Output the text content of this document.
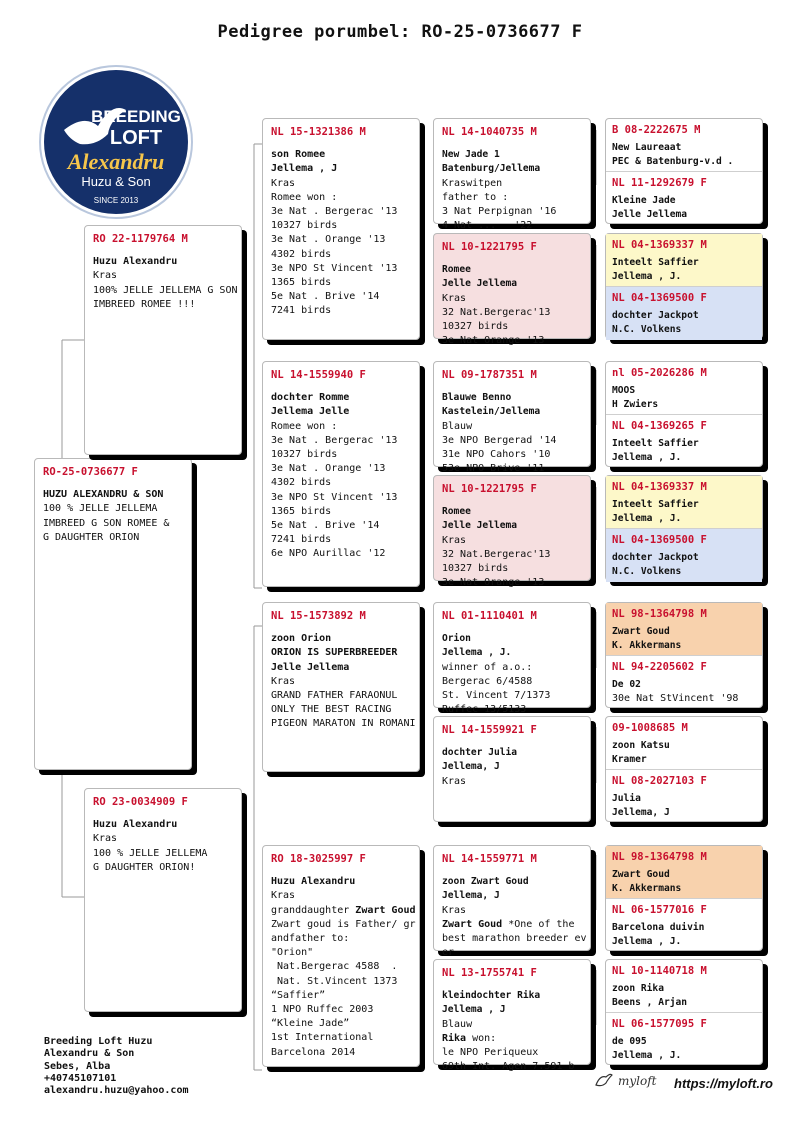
Pedigree porumbel: RO-25-0736677 F
BREEDING
LOFT
Alexandru
Huzu & Son
SINCE 2013
RO-25-0736677 F
HUZU ALEXANDRU & SON
100 % JELLE JELLEMA
IMBREED G SON ROMEE &
G DAUGHTER ORION
RO 22-1179764 M
Huzu Alexandru
Kras
100% JELLE JELLEMA G SON
IMBREED ROMEE !!!
RO 23-0034909 F
Huzu Alexandru
Kras
100 % JELLE JELLEMA
G DAUGHTER ORION!
NL 15-1321386 M
son Romee
Jellema , J
Kras
Romee won :
3e Nat . Bergerac '13
10327 birds
3e Nat . Orange '13
4302 birds
3e NPO St Vincent '13
1365 birds
5e Nat . Brive '14
7241 birds
NL 14-1559940 F
dochter Romme
Jellema Jelle
Romee won :
3e Nat . Bergerac '13
10327 birds
3e Nat . Orange '13
4302 birds
3e NPO St Vincent '13
1365 birds
5e Nat . Brive '14
7241 birds
6e NPO Aurillac '12
NL 15-1573892 M
zoon Orion
ORION IS SUPERBREEDER
Jelle Jellema
Kras
GRAND FATHER FARAONUL
ONLY THE BEST RACING
PIGEON MARATON IN ROMANI
RO 18-3025997 F
Huzu Alexandru
Kras
granddaughter Zwart Goud
Zwart goud is Father/ gr
andfather to:
"Orion"
Nat.Bergerac 4588  .
Nat. St.Vincent 1373
“Saffier”
1 NPO Ruffec 2003
“Kleine Jade”
1st International
Barcelona 2014
NL 14-1040735 M
New Jade 1
Batenburg/Jellema
Kraswitpen
father to :
3 Nat Perpignan '16
4 Nat ...   '22
NL 10-1221795 F
Romee
Jelle Jellema
Kras
32 Nat.Bergerac'13
10327 birds
3e Nat Orange '13
NL 09-1787351 M
Blauwe Benno
Kastelein/Jellema
Blauw
3e NPO Bergerad '14
31e NPO Cahors '10
53e NPO Brive '11
NL 10-1221795 F
Romee
Jelle Jellema
Kras
32 Nat.Bergerac'13
10327 birds
3e Nat Orange '13
NL 01-1110401 M
Orion
Jellema , J.
winner of a.o.:
Bergerac 6/4588
St. Vincent 7/1373
Ruffec 13/5133
NL 14-1559921 F
dochter Julia
Jellema, J
Kras
NL 14-1559771 M
zoon Zwart Goud
Jellema, J
Kras
Zwart Goud *One of the
best marathon breeder ev
er
NL 13-1755741 F
kleindochter Rika
Jellema , J
Blauw
Rika won:
le NPO Periqueux
69th Int. Agen 7.591 b
B 08-2222675 M
New Laureaat
PEC & Batenburg-v.d .
NL 11-1292679 F
Kleine Jade
Jelle Jellema
NL 04-1369337 M
Inteelt Saffier
Jellema , J.
NL 04-1369500 F
dochter Jackpot
N.C. Volkens
nl 05-2026286 M
MOOS
H Zwiers
NL 04-1369265 F
Inteelt Saffier
Jellema , J.
NL 04-1369337 M
Inteelt Saffier
Jellema , J.
NL 04-1369500 F
dochter Jackpot
N.C. Volkens
NL 98-1364798 M
Zwart Goud
K. Akkermans
NL 94-2205602 F
De 02
30e Nat StVincent '98
09-1008685 M
zoon Katsu
Kramer
NL 08-2027103 F
Julia
Jellema, J
NL 98-1364798 M
Zwart Goud
K. Akkermans
NL 06-1577016 F
Barcelona duivin
Jellema , J.
NL 10-1140718 M
zoon Rika
Beens , Arjan
NL 06-1577095 F
de 095
Jellema , J.
Breeding Loft Huzu
Alexandru & Son
Sebes, Alba
+40745107101
alexandru.huzu@yahoo.com
myloft https://myloft.ro
